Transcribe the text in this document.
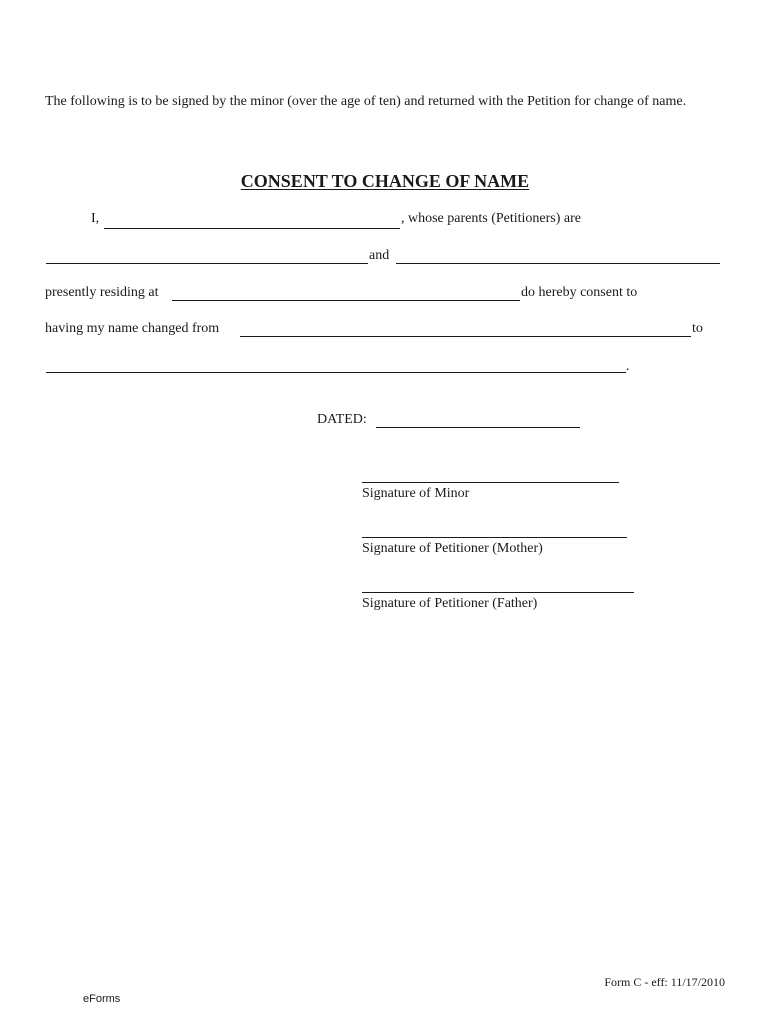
The following is to be signed by the minor (over the age of ten) and returned with the Petition for change of name.
CONSENT TO CHANGE OF NAME
I,	, whose parents (Petitioners) are
and
presently residing at	do hereby consent to
having my name changed from	to
.
DATED:
Signature of Minor
Signature of Petitioner (Mother)
Signature of Petitioner (Father)
Form C - eff: 11/17/2010
eForms
